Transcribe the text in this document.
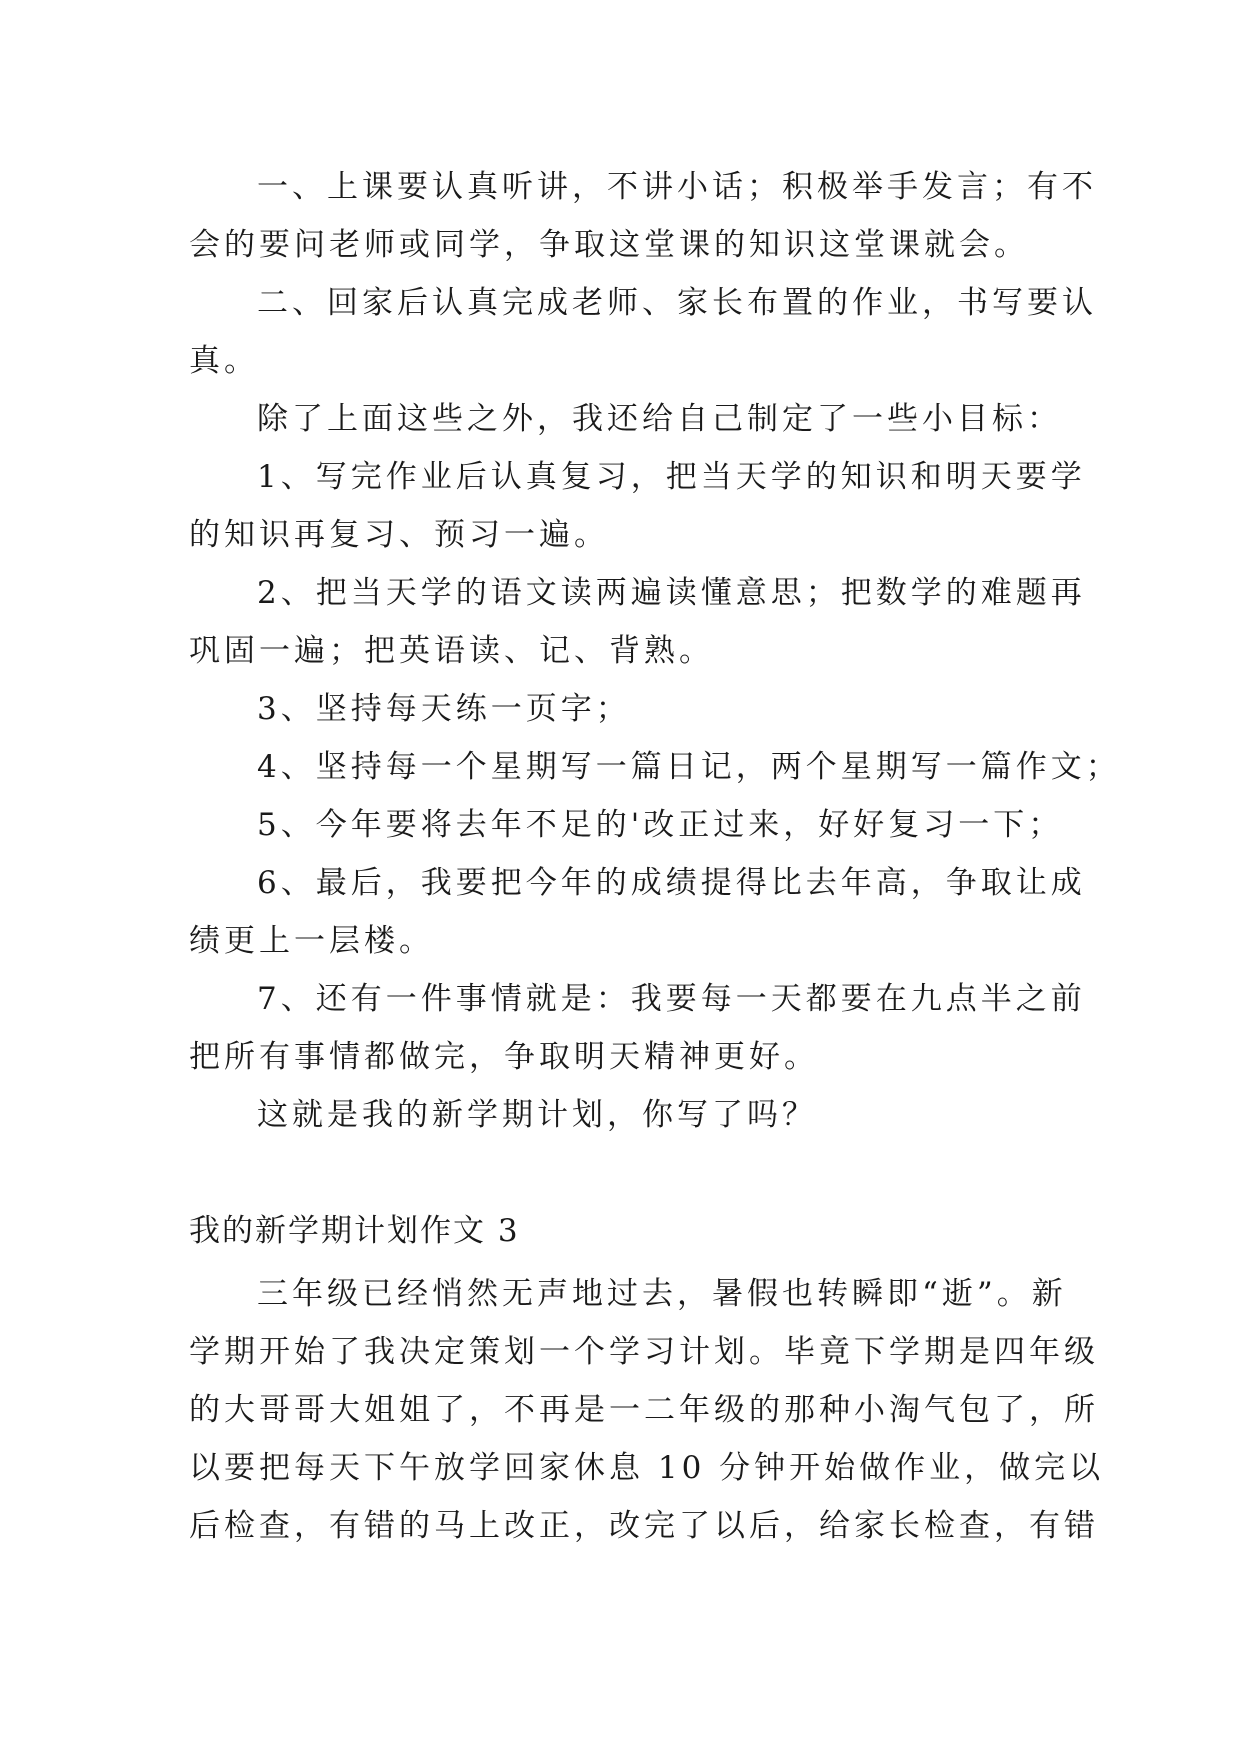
一、上课要认真听讲，不讲小话；积极举手发言；有不
会的要问老师或同学，争取这堂课的知识这堂课就会。
二、回家后认真完成老师、家长布置的作业，书写要认
真。
除了上面这些之外，我还给自己制定了一些小目标：
1、写完作业后认真复习，把当天学的知识和明天要学
的知识再复习、预习一遍。
2、把当天学的语文读两遍读懂意思；把数学的难题再
巩固一遍；把英语读、记、背熟。
3、坚持每天练一页字；
4、坚持每一个星期写一篇日记，两个星期写一篇作文；
5、今年要将去年不足的'改正过来，好好复习一下；
6、最后，我要把今年的成绩提得比去年高，争取让成
绩更上一层楼。
7、还有一件事情就是：我要每一天都要在九点半之前
把所有事情都做完，争取明天精神更好。
这就是我的新学期计划，你写了吗？
我的新学期计划作文 3
三年级已经悄然无声地过去，暑假也转瞬即“逝”。新
学期开始了我决定策划一个学习计划。毕竟下学期是四年级
的大哥哥大姐姐了，不再是一二年级的那种小淘气包了，所
以要把每天下午放学回家休息 10 分钟开始做作业，做完以
后检查，有错的马上改正，改完了以后，给家长检查，有错
